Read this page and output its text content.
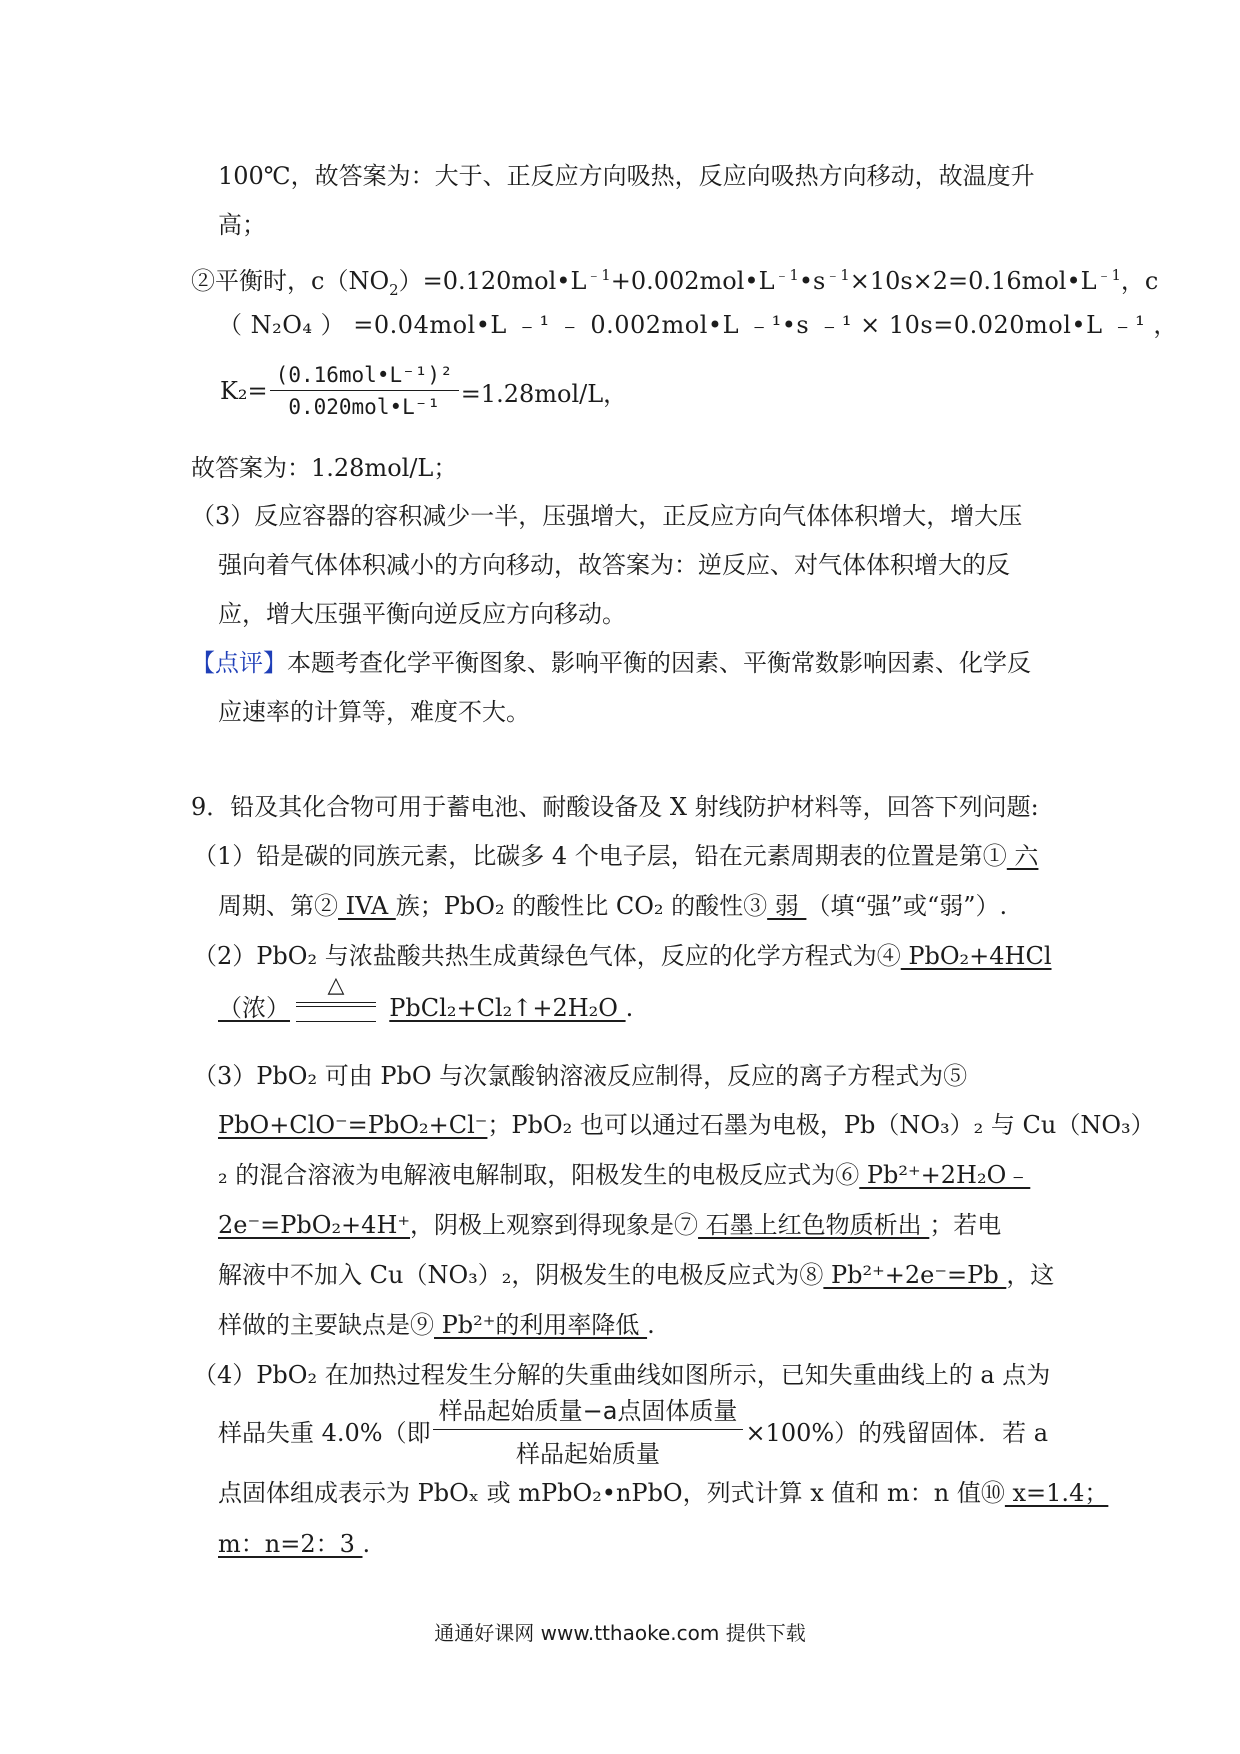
100℃，故答案为：大于、正反应方向吸热，反应向吸热方向移动，故温度升
高；
②平衡时，$c(NO_2)=0.120mol•L^{﹣1}+0.002mol•L^{﹣1}•s^{﹣1}\times 10s\times 2=0.16mol•L^{﹣1}$，c
（ N₂O₄ ） =0.04mol•L ﹣¹ ﹣ 0.002mol•L ﹣¹•s ﹣¹ × 10s=0.020mol•L ﹣¹ ，
$K_2= \frac{\text{(0.16mol•L⁻¹)²}}{\text{0.020mol•L⁻¹}} =1.28mol/L$，
故答案为：1.28mol/L；
（3）反应容器的容积减少一半，压强增大，正反应方向气体体积增大，增大压
强向着气体体积减小的方向移动，故答案为：逆反应、对气体体积增大的反
应，增大压强平衡向逆反应方向移动。
【点评】本题考查化学平衡图象、影响平衡的因素、平衡常数影响因素、化学反
应速率的计算等，难度不大。
9．铅及其化合物可用于蓄电池、耐酸设备及 X 射线防护材料等，回答下列问题:
（1）铅是碳的同族元素，比碳多 4 个电子层，铅在元素周期表的位置是第① 六
周期、第② IVA 族；PbO₂ 的酸性比 CO₂ 的酸性③ 弱 （填“强”或“弱”）.
（2）PbO₂ 与浓盐酸共热生成黄绿色气体，反应的化学方程式为④ PbO₂+4HCl
（浓）	PbCl₂+Cl₂↑+2H₂O .
△
（3）PbO₂ 可由 PbO 与次氯酸钠溶液反应制得，反应的离子方程式为⑤
PbO+ClO⁻=PbO₂+Cl⁻；PbO₂ 也可以通过石墨为电极，Pb（NO₃）₂ 与 Cu（NO₃）
₂ 的混合溶液为电解液电解制取，阳极发生的电极反应式为⑥ Pb²⁺+2H₂O﹣
2e⁻=PbO₂+4H⁺，阴极上观察到得现象是⑦ 石墨上红色物质析出 ；若电
解液中不加入 Cu（NO₃）₂，阴极发生的电极反应式为⑧ Pb²⁺+2e⁻=Pb ，这
样做的主要缺点是⑨ Pb²⁺的利用率降低 .
（4）PbO₂ 在加热过程发生分解的失重曲线如图所示，已知失重曲线上的 a 点为
样品失重 4.0%（即 $\frac{\text{样品起始质量−a点固体质量}}{\text{样品起始质量}} \times 100\%$）的残留固体．若 a
点固体组成表示为 PbOₓ 或 mPbO₂•nPbO，列式计算 x 值和 m：n 值⑩ x=1.4；
m：n=2：3 .
通通好课网 www.tthaoke.com 提供下载
